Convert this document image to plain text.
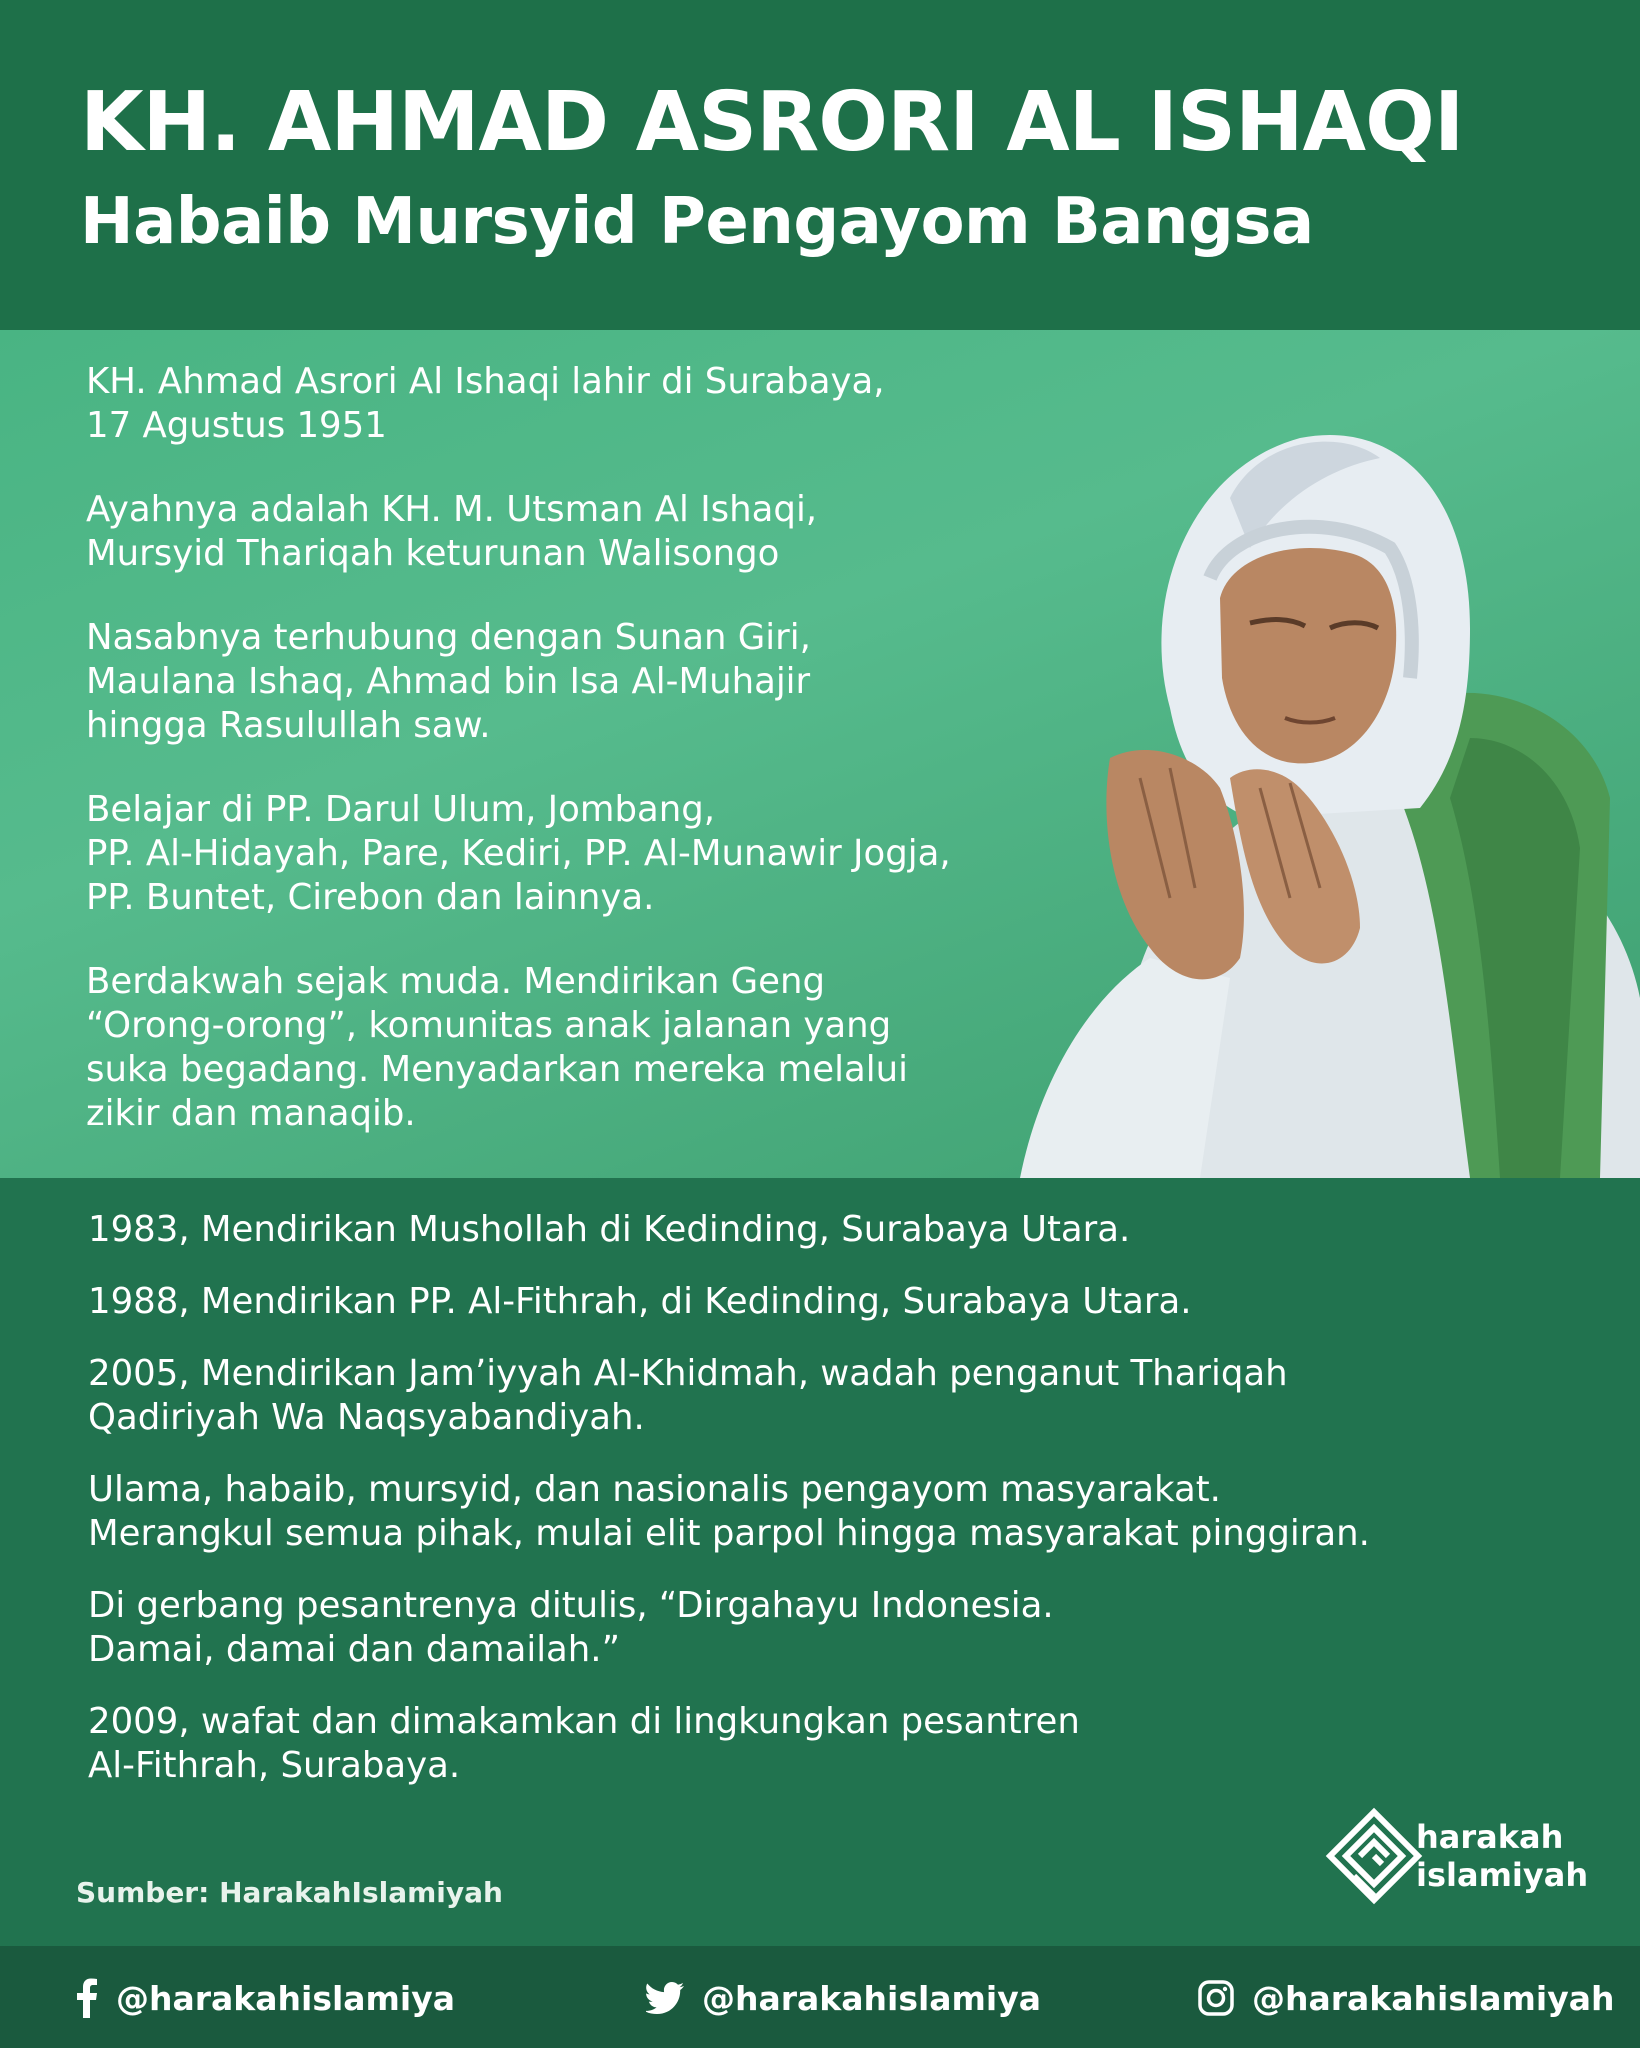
KH. AHMAD ASRORI AL ISHAQI
Habaib Mursyid Pengayom Bangsa

KH. Ahmad Asrori Al Ishaqi lahir di Surabaya,
17 Agustus 1951

Ayahnya adalah KH. M. Utsman Al Ishaqi,
Mursyid Thariqah keturunan Walisongo

Nasabnya terhubung dengan Sunan Giri,
Maulana Ishaq, Ahmad bin Isa Al-Muhajir
hingga Rasulullah saw.

Belajar di PP. Darul Ulum, Jombang,
PP. Al-Hidayah, Pare, Kediri, PP. Al-Munawir Jogja,
PP. Buntet, Cirebon dan lainnya.

Berdakwah sejak muda. Mendirikan Geng
“Orong-orong”, komunitas anak jalanan yang
suka begadang. Menyadarkan mereka melalui
zikir dan manaqib.

1983, Mendirikan Mushollah di Kedinding, Surabaya Utara.

1988, Mendirikan PP. Al-Fithrah, di Kedinding, Surabaya Utara.

2005, Mendirikan Jam’iyyah Al-Khidmah, wadah penganut Thariqah
Qadiriyah Wa Naqsyabandiyah.

Ulama, habaib, mursyid, dan nasionalis pengayom masyarakat.
Merangkul semua pihak, mulai elit parpol hingga masyarakat pinggiran.

Di gerbang pesantrenya ditulis, “Dirgahayu Indonesia.
Damai, damai dan damailah.”

2009, wafat dan dimakamkan di lingkungkan pesantren
Al-Fithrah, Surabaya.

Sumber: HarakahIslamiyah
harakah
islamiyah
@harakahislamiya	@harakahislamiya	@harakahislamiyah
